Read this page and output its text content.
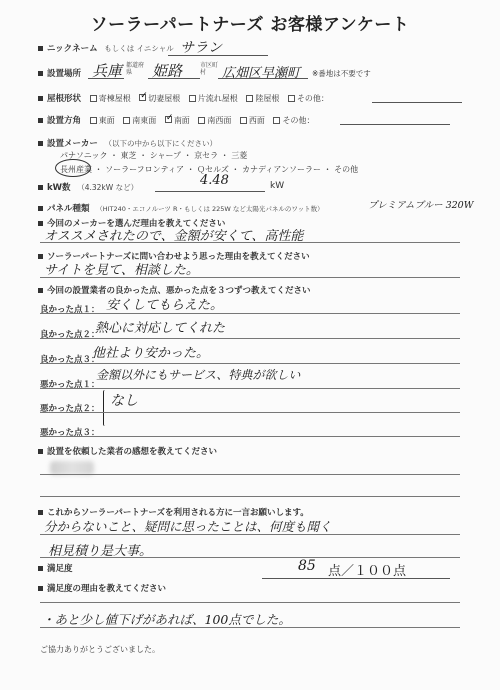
ソーラーパートナーズ お客様アンケート
ニックネーム もしくは イニシャル サラン
設置場所 兵庫 都道府県	姫路	市区町村	広畑区早瀬町 ※番地は不要です
屋根形状 寄棟屋根 ✓ 切妻屋根 片流れ屋根 陸屋根 その他：
設置方角 東面 南東面 ✓ 南面 南西面 西面 その他：
設置メーカー （以下の中から以下にください）
パナソニック ・ 東芝 ・ シャープ ・ 京セラ ・ 三菱
長州産業 ・ ソーラーフロンティア ・ Ｑセルズ ・ カナディアンソーラー ・ その他
kW数 （4.32kW など）	4.48	kW
パネル種類 （HIT240・エコノルーツ R・もしくは 225W など太陽光パネルのワット数）	プレミアムブルー 320W
今回のメーカーを選んだ理由を教えてください
オススメされたので、金額が安くて、高性能
ソーラーパートナーズに問い合わせよう思った理由を教えてください
サイトを見て、相談した。
今回の設置業者の良かった点、悪かった点を３つずつ教えてください
良かった点１： 安くしてもらえた。
良かった点２：
熱心に対応してくれた
良かった点３：
他社より安かった。
悪かった点１：
金額以外にもサービス、特典が欲しい
悪かった点２： なし
悪かった点３：
設置を依頼した業者の感想を教えてください
これからソーラーパートナーズを利用される方に一言お願いします。
分からないこと、疑問に思ったことは、何度も聞く
相見積り是大事。
満足度	85 点／１００点
満足度の理由を教えてください
・あと少し値下げがあれば、100点でした。
ご協力ありがとうございました。
